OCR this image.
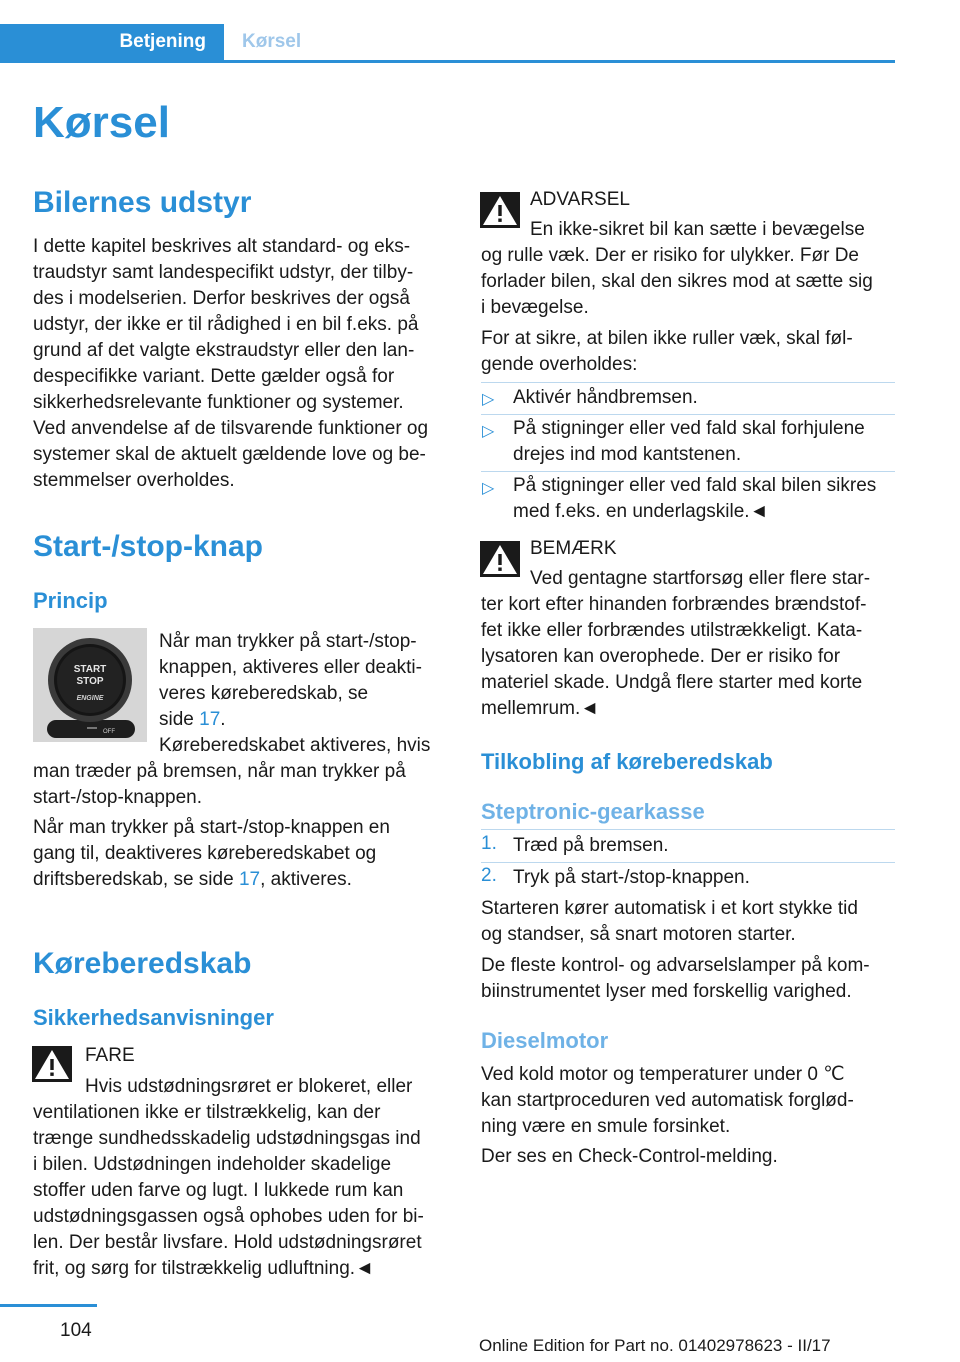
Betjening	Kørsel
Kørsel
Bilernes udstyr
I dette kapitel beskrives alt standard- og eks-
traudstyr samt landespecifikt udstyr, der tilby-
des i modelserien. Derfor beskrives der også
udstyr, der ikke er til rådighed i en bil f.eks. på
grund af det valgte ekstraudstyr eller den lan-
despecifikke variant. Dette gælder også for
sikkerhedsrelevante funktioner og systemer.
Ved anvendelse af de tilsvarende funktioner og
systemer skal de aktuelt gældende love og be-
stemmelser overholdes.
Start-/stop-knap
Princip
START
STOP
ENGINE
OFF
Når man trykker på start-/stop-
knappen, aktiveres eller deakti-
veres køreberedskab, se
side 17.
Køreberedskabet aktiveres, hvis
man træder på bremsen, når man trykker på
start-/stop-knappen.
Når man trykker på start-/stop-knappen en
gang til, deaktiveres køreberedskabet og
driftsberedskab, se side 17, aktiveres.
Køreberedskab
Sikkerhedsanvisninger
FARE
Hvis udstødningsrøret er blokeret, eller
ventilationen ikke er tilstrækkelig, kan der
trænge sundhedsskadelig udstødningsgas ind
i bilen. Udstødningen indeholder skadelige
stoffer uden farve og lugt. I lukkede rum kan
udstødningsgassen også ophobes uden for bi-
len. Der består livsfare. Hold udstødningsrøret
frit, og sørg for tilstrækkelig udluftning.◄
ADVARSEL
En ikke-sikret bil kan sætte i bevægelse
og rulle væk. Der er risiko for ulykker. Før De
forlader bilen, skal den sikres mod at sætte sig
i bevægelse.
For at sikre, at bilen ikke ruller væk, skal føl-
gende overholdes:
▷ Aktivér håndbremsen.
▷ På stigninger eller ved fald skal forhjulene
drejes ind mod kantstenen.
▷ På stigninger eller ved fald skal bilen sikres
med f.eks. en underlagskile.◄
BEMÆRK
Ved gentagne startforsøg eller flere star-
ter kort efter hinanden forbrændes brændstof-
fet ikke eller forbrændes utilstrækkeligt. Kata-
lysatoren kan overophede. Der er risiko for
materiel skade. Undgå flere starter med korte
mellemrum.◄
Tilkobling af køreberedskab
Steptronic-gearkasse
1. Træd på bremsen.
2. Tryk på start-/stop-knappen.
Starteren kører automatisk i et kort stykke tid
og standser, så snart motoren starter.
De fleste kontrol- og advarselslamper på kom-
biinstrumentet lyser med forskellig varighed.
Dieselmotor
Ved kold motor og temperaturer under 0 ℃
kan startproceduren ved automatisk forglød-
ning være en smule forsinket.
Der ses en Check-Control-melding.
104
Online Edition for Part no. 01402978623 - II/17
